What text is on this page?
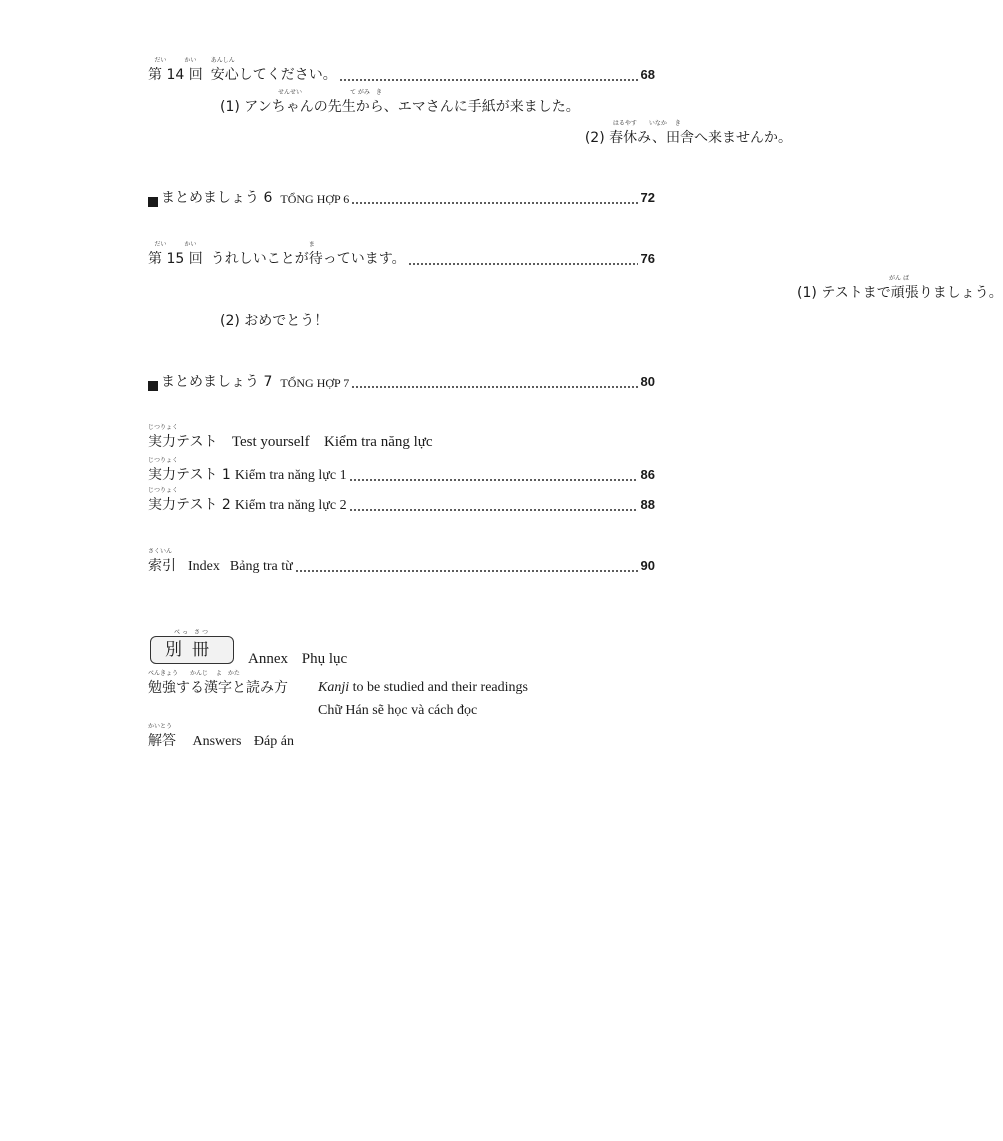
だい　　　かい
第 14 回
あんしん
安心してください。	68
せんせい　　　　　　　　て がみ　き
(1) アンちゃんの先生から、エマさんに手紙が来ました。
はるやす　　いなか　 き
(2) 春休み、田舎へ来ませんか。
まとめましょう 6 TỔNG HỢP 6	72
だい　　　かい
第 15 回
ま
うれしいことが待っています。	76
がん ば
(1) テストまで頑張りましょう。
(2) おめでとう！
まとめましょう 7 TỔNG HỢP 7	80
じつりょく
実力テスト Test yourself Kiểm tra năng lực
じつりょく
実力テスト 1 Kiểm tra năng lực 1	86
じつりょく
実力テスト 2 Kiểm tra năng lực 2	88
さくいん
索引 Index Bảng tra từ	90
べっ さつ
別冊	Annex Phụ lục
べんきょう　　かんじ　 よ　かた
勉強する漢字と読み方 Kanji to be studied and their readings
Chữ Hán sẽ học và cách đọc
かいとう
解答 Answers Đáp án
